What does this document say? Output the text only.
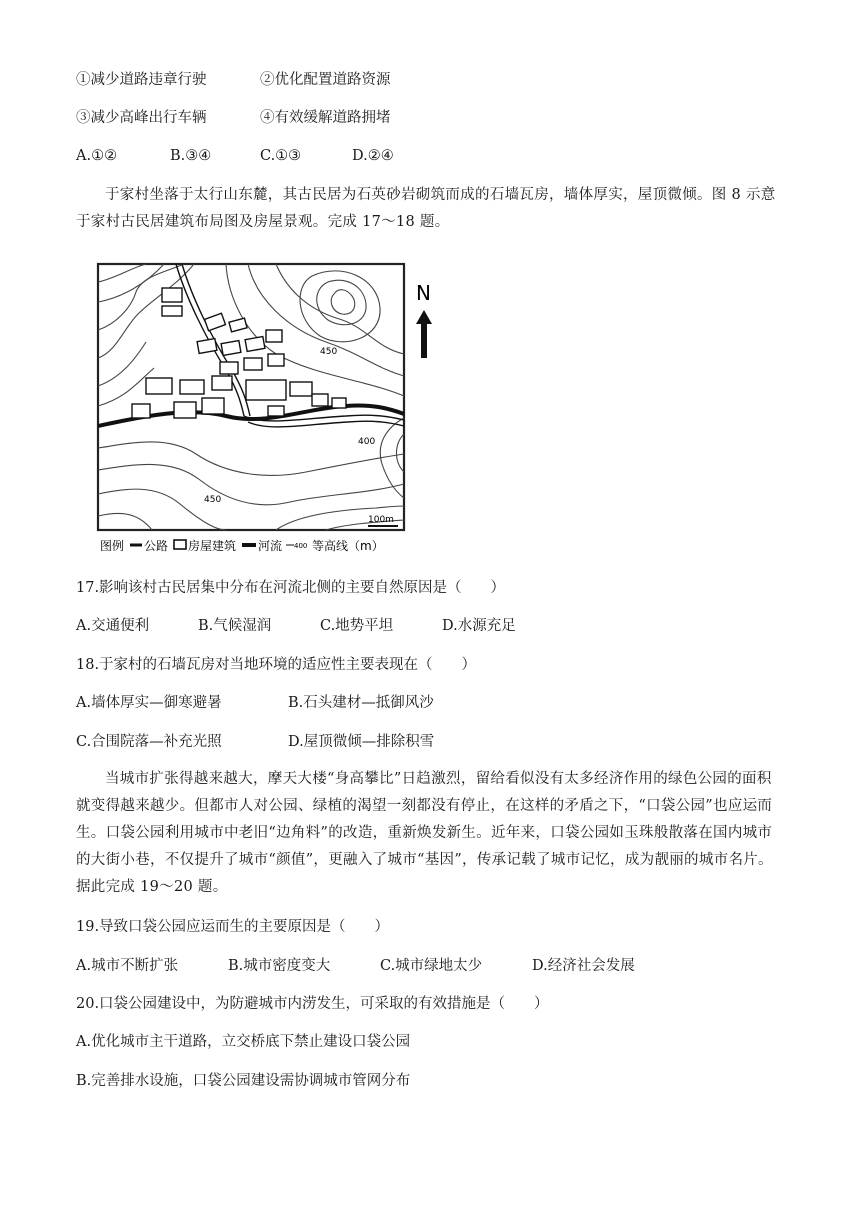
①减少道路违章行驶	②优化配置道路资源
③减少高峰出行车辆	④有效缓解道路拥堵
A.①②	B.③④	C.①③	D.②④
于家村坐落于太行山东麓，其古民居为石英砂岩砌筑而成的石墙瓦房，墙体厚实，屋顶微倾。图 8 示意于家村古民居建筑布局图及房屋景观。完成 17～18 题。
450
400
450
100m
N
图例 公路 房屋建筑 河流 400 等高线（m）
17.影响该村古民居集中分布在河流北侧的主要自然原因是（　　）
A.交通便利	B.气候湿润	C.地势平坦	D.水源充足
18.于家村的石墙瓦房对当地环境的适应性主要表现在（　　）
A.墙体厚实—御寒避暑	B.石头建材—抵御风沙
C.合围院落—补充光照	D.屋顶微倾—排除积雪
当城市扩张得越来越大，摩天大楼“身高攀比”日趋激烈，留给看似没有太多经济作用的绿色公园的面积就变得越来越少。但都市人对公园、绿植的渴望一刻都没有停止，在这样的矛盾之下，“口袋公园”也应运而生。口袋公园利用城市中老旧“边角料”的改造，重新焕发新生。近年来，口袋公园如玉珠般散落在国内城市的大街小巷，不仅提升了城市“颜值”，更融入了城市“基因”，传承记载了城市记忆，成为靓丽的城市名片。据此完成 19～20 题。
19.导致口袋公园应运而生的主要原因是（　　）
A.城市不断扩张	B.城市密度变大	C.城市绿地太少	D.经济社会发展
20.口袋公园建设中，为防避城市内涝发生，可采取的有效措施是（　　）
A.优化城市主干道路，立交桥底下禁止建设口袋公园
B.完善排水设施，口袋公园建设需协调城市管网分布
